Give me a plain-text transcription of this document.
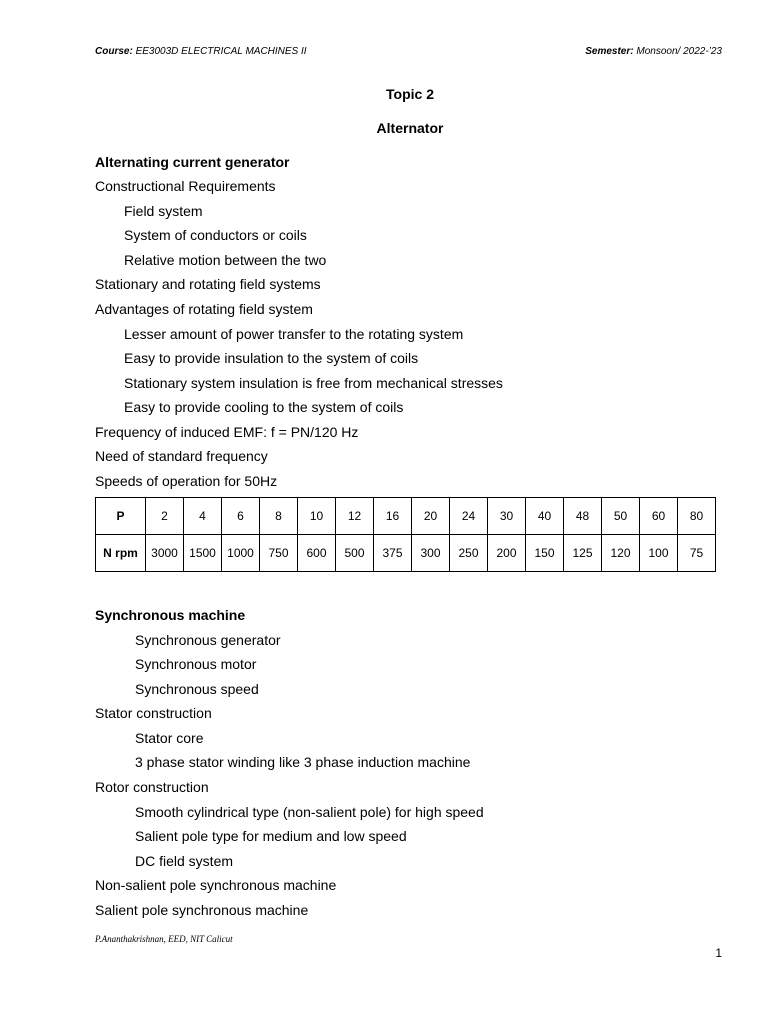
Course: EE3003D ELECTRICAL MACHINES II	Semester: Monsoon/ 2022-’23
Topic 2
Alternator
Alternating current generator
Constructional Requirements
Field system
System of conductors or coils
Relative motion between the two
Stationary and rotating field systems
Advantages of rotating field system
Lesser amount of power transfer to the rotating system
Easy to provide insulation to the system of coils
Stationary system insulation is free from mechanical stresses
Easy to provide cooling to the system of coils
Frequency of induced EMF: f = PN/120 Hz
Need of standard frequency
Speeds of operation for 50Hz
P	2	4	6	8	10	12	16	20	24	30	40	48	50	60	80
N rpm	3000	1500	1000	750	600	500	375	300	250	200	150	125	120	100	75
Synchronous machine
Synchronous generator
Synchronous motor
Synchronous speed
Stator construction
Stator core
3 phase stator winding like 3 phase induction machine
Rotor construction
Smooth cylindrical type (non-salient pole) for high speed
Salient pole type for medium and low speed
DC field system
Non-salient pole synchronous machine
Salient pole synchronous machine
P.Ananthakrishnan, EED, NIT Calicut
1
